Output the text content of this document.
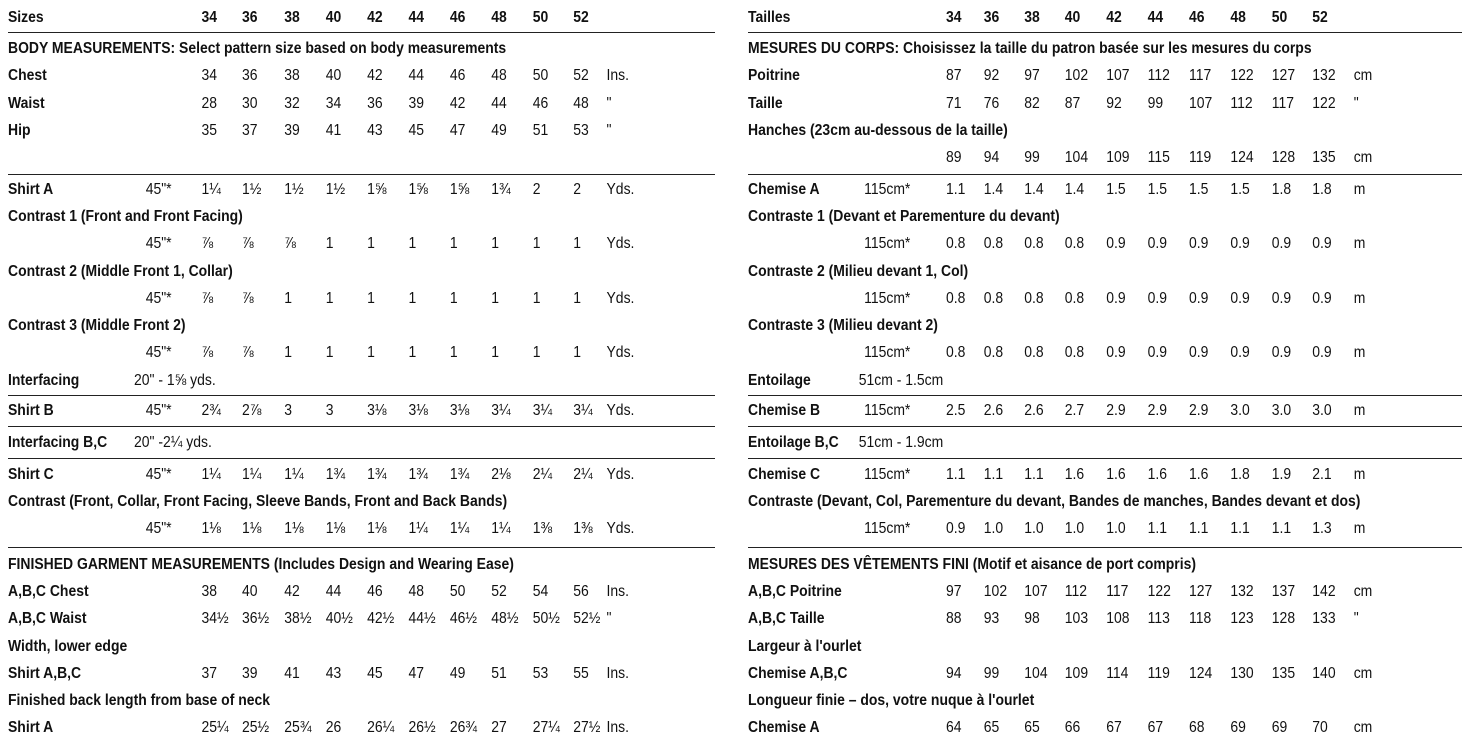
Sizes	34 36 38 40 42 44 46 48 50 52
BODY MEASUREMENTS: Select pattern size based on body measurements
Chest	34 36 38 40 42 44 46 48 50 52 Ins.
Waist	28 30 32 34 36 39 42 44 46 48 "
Hip	35 37 39 41 43 45 47 49 51 53 "
Shirt A	45"* 1¼ 1½ 1½ 1½ 1⅝ 1⅝ 1⅝ 1¾ 2 2 Yds.
Contrast 1 (Front and Front Facing)
45"* ⅞ ⅞ ⅞ 1 1 1 1 1 1 1 Yds.
Contrast 2 (Middle Front 1, Collar)
45"* ⅞ ⅞ 1 1 1 1 1 1 1 1 Yds.
Contrast 3 (Middle Front 2)
45"* ⅞ ⅞ 1 1 1 1 1 1 1 1 Yds.
Interfacing	20" - 1⅝ yds.
Shirt B	45"* 2¾ 2⅞ 3 3 3⅛ 3⅛ 3⅛ 3¼ 3¼ 3¼ Yds.
Interfacing B,C 20" -2¼ yds.
Shirt C	45"* 1¼ 1¼ 1¼ 1¾ 1¾ 1¾ 1¾ 2⅛ 2¼ 2¼ Yds.
Contrast (Front, Collar, Front Facing, Sleeve Bands, Front and Back Bands)
45"* 1⅛ 1⅛ 1⅛ 1⅛ 1⅛ 1¼ 1¼ 1¼ 1⅜ 1⅜ Yds.
FINISHED GARMENT MEASUREMENTS (Includes Design and Wearing Ease)
A,B,C Chest	38 40 42 44 46 48 50 52 54 56 Ins.
A,B,C Waist	34½ 36½ 38½ 40½ 42½ 44½ 46½ 48½ 50½ 52½ "
Width, lower edge
Shirt A,B,C	37 39 41 43 45 47 49 51 53 55 Ins.
Finished back length from base of neck
Shirt A	25¼ 25½ 25¾ 26 26¼ 26½ 26¾ 27 27¼ 27½ Ins.
Tailles	34 36 38 40 42 44 46 48 50 52
MESURES DU CORPS: Choisissez la taille du patron basée sur les mesures du corps
Poitrine	87 92 97 102 107 112 117 122 127 132 cm
Taille	71 76 82 87 92 99 107 112 117 122 "
Hanches (23cm au-dessous de la taille)
89 94 99 104 109 115 119 124 128 135 cm
Chemise A	115cm* 1.1 1.4 1.4 1.4 1.5 1.5 1.5 1.5 1.8 1.8 m
Contraste 1 (Devant et Parementure du devant)
115cm* 0.8 0.8 0.8 0.8 0.9 0.9 0.9 0.9 0.9 0.9 m
Contraste 2 (Milieu devant 1, Col)
115cm* 0.8 0.8 0.8 0.8 0.9 0.9 0.9 0.9 0.9 0.9 m
Contraste 3 (Milieu devant 2)
115cm* 0.8 0.8 0.8 0.8 0.9 0.9 0.9 0.9 0.9 0.9 m
Entoilage	51cm - 1.5cm
Chemise B	115cm* 2.5 2.6 2.6 2.7 2.9 2.9 2.9 3.0 3.0 3.0 m
Entoilage B,C 51cm - 1.9cm
Chemise C	115cm* 1.1 1.1 1.1 1.6 1.6 1.6 1.6 1.8 1.9 2.1 m
Contraste (Devant, Col, Parementure du devant, Bandes de manches, Bandes devant et dos)
115cm* 0.9 1.0 1.0 1.0 1.0 1.1 1.1 1.1 1.1 1.3 m
MESURES DES VÊTEMENTS FINI (Motif et aisance de port compris)
A,B,C Poitrine	97 102 107 112 117 122 127 132 137 142 cm
A,B,C Taille	88 93 98 103 108 113 118 123 128 133 "
Largeur à l'ourlet
Chemise A,B,C	94 99 104 109 114 119 124 130 135 140 cm
Longueur finie – dos, votre nuque à l'ourlet
Chemise A	64 65 65 66 67 67 68 69 69 70 cm
